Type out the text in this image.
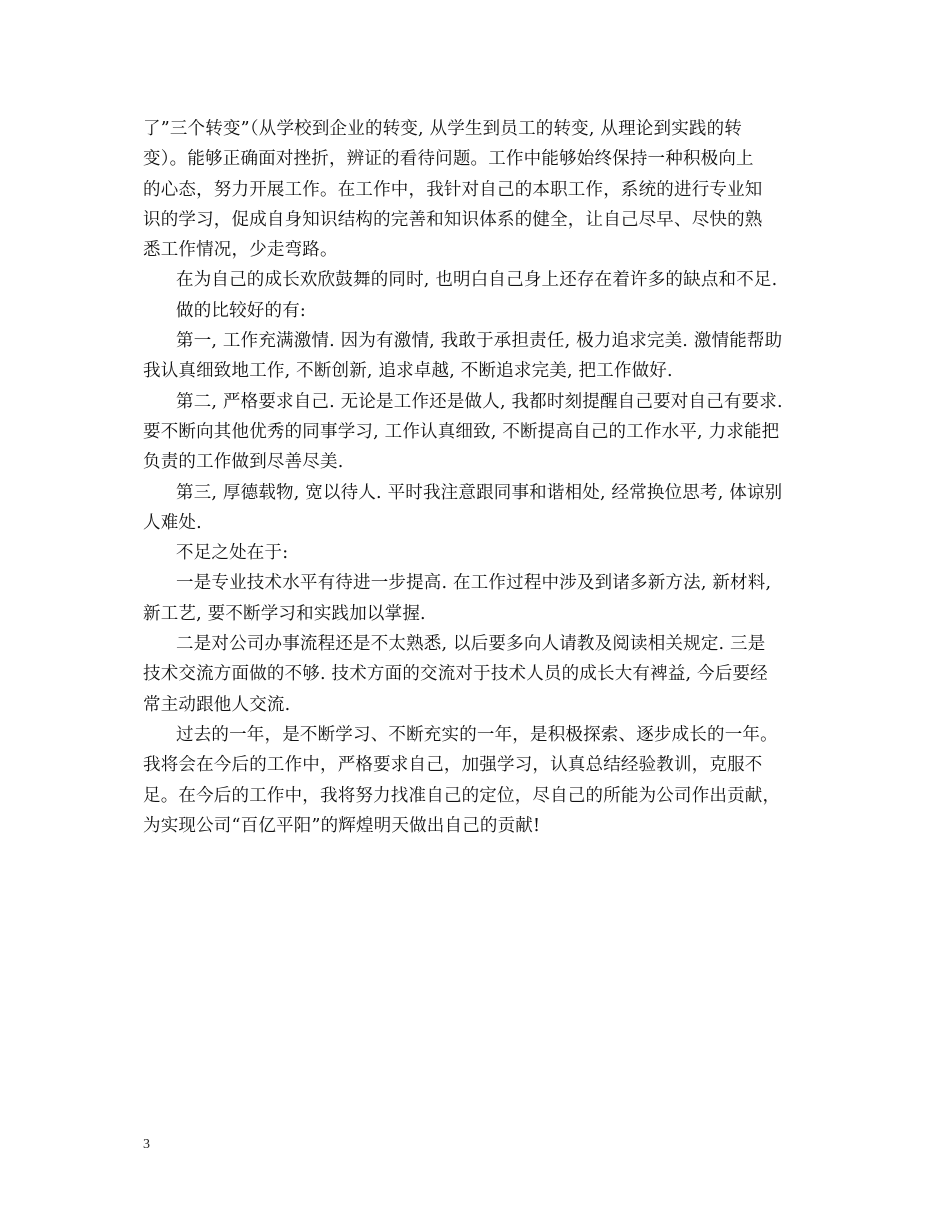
了”三个转变”（从学校到企业的转变, 从学生到员工的转变, 从理论到实践的转
变）。能够正确面对挫折，辨证的看待问题。工作中能够始终保持一种积极向上
的心态，努力开展工作。在工作中，我针对自己的本职工作，系统的进行专业知
识的学习，促成自身知识结构的完善和知识体系的健全，让自己尽早、尽快的熟
悉工作情况，少走弯路。
在为自己的成长欢欣鼓舞的同时, 也明白自己身上还存在着许多的缺点和不足.
做的比较好的有:
第一, 工作充满激情. 因为有激情, 我敢于承担责任, 极力追求完美. 激情能帮助
我认真细致地工作, 不断创新, 追求卓越, 不断追求完美, 把工作做好.
第二, 严格要求自己. 无论是工作还是做人, 我都时刻提醒自己要对自己有要求.
要不断向其他优秀的同事学习, 工作认真细致, 不断提高自己的工作水平, 力求能把
负责的工作做到尽善尽美.
第三, 厚德载物, 宽以待人. 平时我注意跟同事和谐相处, 经常换位思考, 体谅别
人难处.
不足之处在于:
一是专业技术水平有待进一步提高. 在工作过程中涉及到诸多新方法, 新材料,
新工艺, 要不断学习和实践加以掌握.
二是对公司办事流程还是不太熟悉, 以后要多向人请教及阅读相关规定. 三是
技术交流方面做的不够. 技术方面的交流对于技术人员的成长大有裨益, 今后要经
常主动跟他人交流.
过去的一年，是不断学习、不断充实的一年，是积极探索、逐步成长的一年。
我将会在今后的工作中，严格要求自己，加强学习，认真总结经验教训，克服不
足。在今后的工作中，我将努力找准自己的定位，尽自己的所能为公司作出贡献，
为实现公司“百亿平阳”的辉煌明天做出自己的贡献!
3
